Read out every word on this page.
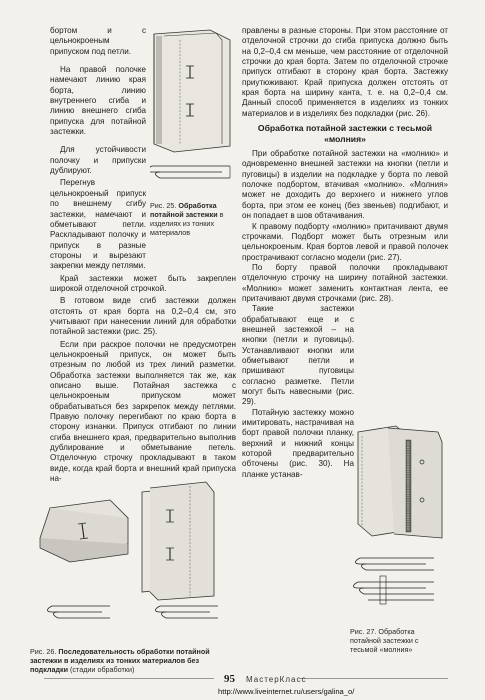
бортом и с цельнокроеным припуском под петли.

На правой полочке намечают линию края борта, линию внутреннего сгиба и линию внешнего сгиба припуска для потайной застежки.

Для устойчивости полочку и припуски дублируют.

Перегнув цельнокроеный припуск по внешнему сгибу застежки, намечают и обметывают петли. Раскладывают полочку и припуск в разные стороны и вырезают закрепки между петлями.

Край застежки может быть закреплен широкой отделочной строчкой.

В готовом виде сгиб застежки должен отстоять от края борта на 0,2–0,4 см, это учитывают при нанесении линий для обработки потайной застежки (рис. 25).

Если при раскрое полочки не предусмотрен цельнокроеный припуск, он может быть отрезным по любой из трех линий разметки. Обработка застежки выполняется так же, как описано выше. Потайная застежка с цельнокроеным припуском может обрабатываться без заркрепок между петлями. Правую полочку перегибают по краю борта в сторону изнанки. Припуск отгибают по линии сгиба внешнего края, предварительно выполнив дублирование и обметывание петель. Отделочную строчку прокладывают в таком виде, когда край борта и внешний край припуска на-

Рис. 25. Обработка потайной застежки в изделиях из тонких материалов

правлены в разные стороны. При этом расстояние от отделочной строчки до сгиба припуска должно быть на 0,2–0,4 см меньше, чем расстояние от отделочной строчки до края борта. Затем по отделочной строчке припуск отгибают в сторону края борта. Застежку приутюживают. Край припуска должен отстоять от края борта на ширину канта, т. е. на 0,2–0,4 см. Данный способ применяется в изделиях из тонких материалов и в изделиях без подкладки (рис. 26).

Обработка потайной застежки с тесьмой «молния»

При обработке потайной застежки на «молнию» и одновременно внешней застежки на кнопки (петли и пуговицы) в изделии на подкладке у борта по левой полочке подбортом, втачивая «молнию». «Молния» может не доходить до верхнего и нижнего углов борта, при этом ее конец (без звеньев) подгибают, и он попадает в шов обтачивания.

К правому подборту «молнию» притачивают двумя строчками. Подборт может быть отрезным или цельнокроеным. Края бортов левой и правой полочек прострачивают согласно модели (рис. 27).

По борту правой полочки прокладывают отделочную строчку на ширину потайной застежки. «Молнию» может заменить контактная лента, ее притачивают двумя строчками (рис. 28).

Такие застежки обрабатывают еще и с внешней застежкой – на кнопки (петли и пуговицы). Устанавливают кнопки или обметывают петли и пришивают пуговицы согласно разметке. Петли могут быть навесными (рис. 29).

Потайную застежку можно имитировать, настрачивая на борт правой полочки планку, верхний и нижний концы которой предварительно обточены (рис. 30). На планке устанав-

Рис. 26. Последовательность обработки потайной застежки в изделиях из тонких материалов без подкладки (стадии обработки)
Рис. 27. Обработка потайной застежки с тесьмой «молния»
95 МастерКласс
http://www.liveinternet.ru/users/galina_o/
